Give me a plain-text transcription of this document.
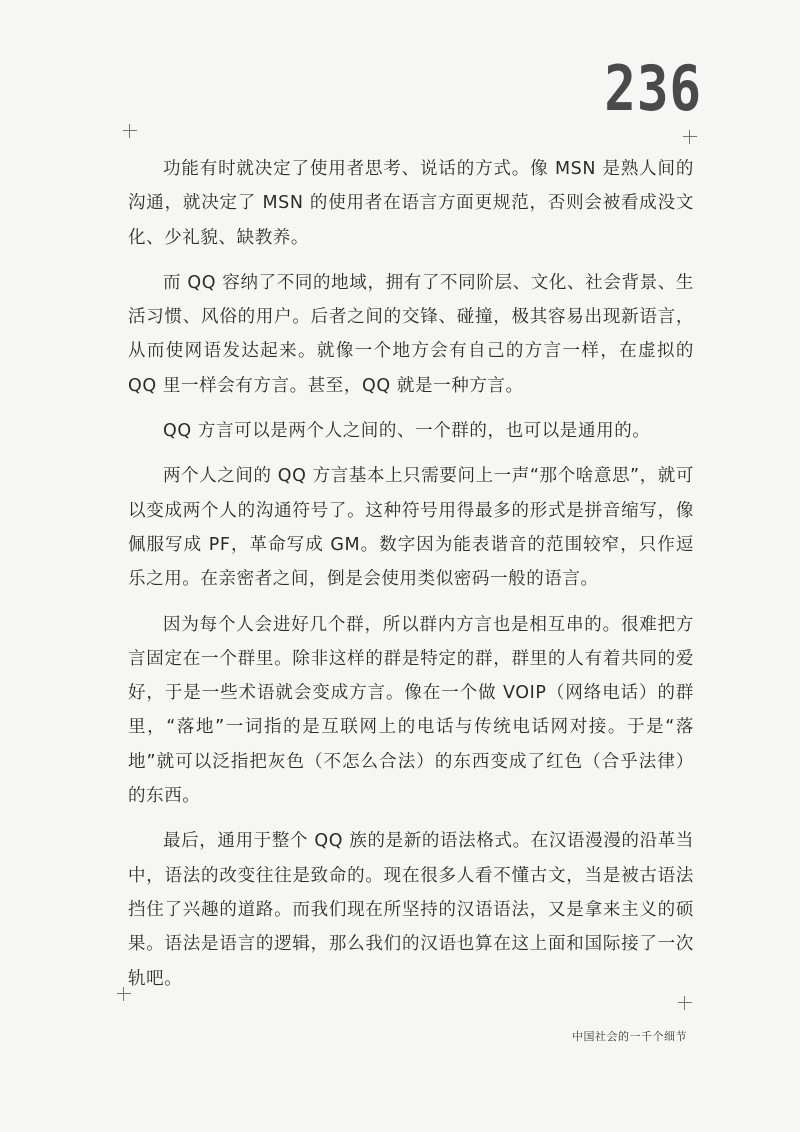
236

功能有时就决定了使用者思考、说话的方式。像 MSN 是熟人间的沟通，就决定了 MSN 的使用者在语言方面更规范，否则会被看成没文化、少礼貌、缺教养。

而 QQ 容纳了不同的地域，拥有了不同阶层、文化、社会背景、生活习惯、风俗的用户。后者之间的交锋、碰撞，极其容易出现新语言，从而使网语发达起来。就像一个地方会有自己的方言一样，在虚拟的 QQ 里一样会有方言。甚至，QQ 就是一种方言。

QQ 方言可以是两个人之间的、一个群的，也可以是通用的。

两个人之间的 QQ 方言基本上只需要问上一声“那个啥意思”，就可以变成两个人的沟通符号了。这种符号用得最多的形式是拼音缩写，像佩服写成 PF，革命写成 GM。数字因为能表谐音的范围较窄，只作逗乐之用。在亲密者之间，倒是会使用类似密码一般的语言。

因为每个人会进好几个群，所以群内方言也是相互串的。很难把方言固定在一个群里。除非这样的群是特定的群，群里的人有着共同的爱好，于是一些术语就会变成方言。像在一个做 VOIP（网络电话）的群里，“落地”一词指的是互联网上的电话与传统电话网对接。于是“落地”就可以泛指把灰色（不怎么合法）的东西变成了红色（合乎法律）的东西。

最后，通用于整个 QQ 族的是新的语法格式。在汉语漫漫的沿革当中，语法的改变往往是致命的。现在很多人看不懂古文，当是被古语法挡住了兴趣的道路。而我们现在所坚持的汉语语法，又是拿来主义的硕果。语法是语言的逻辑，那么我们的汉语也算在这上面和国际接了一次轨吧。

中国社会的一千个细节
